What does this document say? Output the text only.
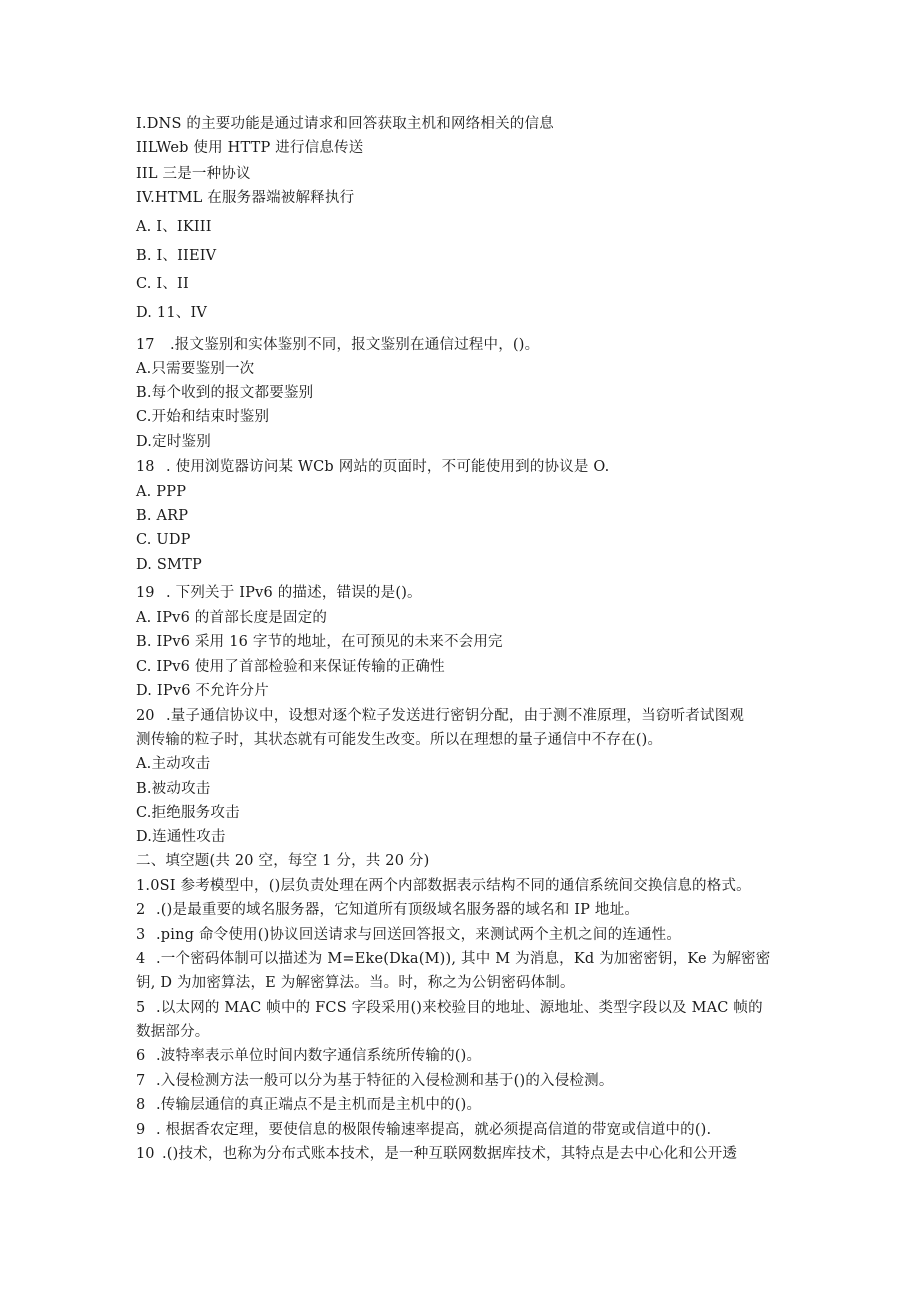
I.DNS 的主要功能是通过请求和回答获取主机和网络相关的信息
IILWeb 使用 HTTP 进行信息传送
IIL 三是一种协议
IV.HTML 在服务器端被解释执行
A. I、IKIII
B. I、IIEIV
C. I、II
D. 11、IV
17 .报文鉴别和实体鉴别不同，报文鉴别在通信过程中，()。
A.只需要鉴别一次
B.每个收到的报文都要鉴别
C.开始和结束时鉴别
D.定时鉴别
18 . 使用浏览器访问某 WCb 网站的页面时，不可能使用到的协议是 O.
A. PPP
B. ARP
C. UDP
D. SMTP
19 . 下列关于 IPv6 的描述，错误的是()。
A. IPv6 的首部长度是固定的
B. IPv6 采用 16 字节的地址，在可预见的未来不会用完
C. IPv6 使用了首部检验和来保证传输的正确性
D. IPv6 不允许分片
20 .量子通信协议中，设想对逐个粒子发送进行密钥分配，由于测不准原理，当窃听者试图观
测传输的粒子时，其状态就有可能发生改变。所以在理想的量子通信中不存在()。
A.主动攻击
B.被动攻击
C.拒绝服务攻击
D.连通性攻击
二、填空题(共 20 空，每空 1 分，共 20 分)
1.0SI 参考模型中，()层负责处理在两个内部数据表示结构不同的通信系统间交换信息的格式。
2 .()是最重要的域名服务器，它知道所有顶级域名服务器的域名和 IP 地址。
3 .ping 命令使用()协议回送请求与回送回答报文，来测试两个主机之间的连通性。
4 .一个密码体制可以描述为 M=Eke(Dka(M)), 其中 M 为消息，Kd 为加密密钥，Ke 为解密密
钥, D 为加密算法，E 为解密算法。当。时，称之为公钥密码体制。
5 .以太网的 MAC 帧中的 FCS 字段采用()来校验目的地址、源地址、类型字段以及 MAC 帧的
数据部分。
6 .波特率表示单位时间内数字通信系统所传输的()。
7 .入侵检测方法一般可以分为基于特征的入侵检测和基于()的入侵检测。
8 .传输层通信的真正端点不是主机而是主机中的()。
9 . 根据香农定理，要使信息的极限传输速率提高，就必须提高信道的带宽或信道中的().
10 .()技术，也称为分布式账本技术，是一种互联网数据库技术，其特点是去中心化和公开透
